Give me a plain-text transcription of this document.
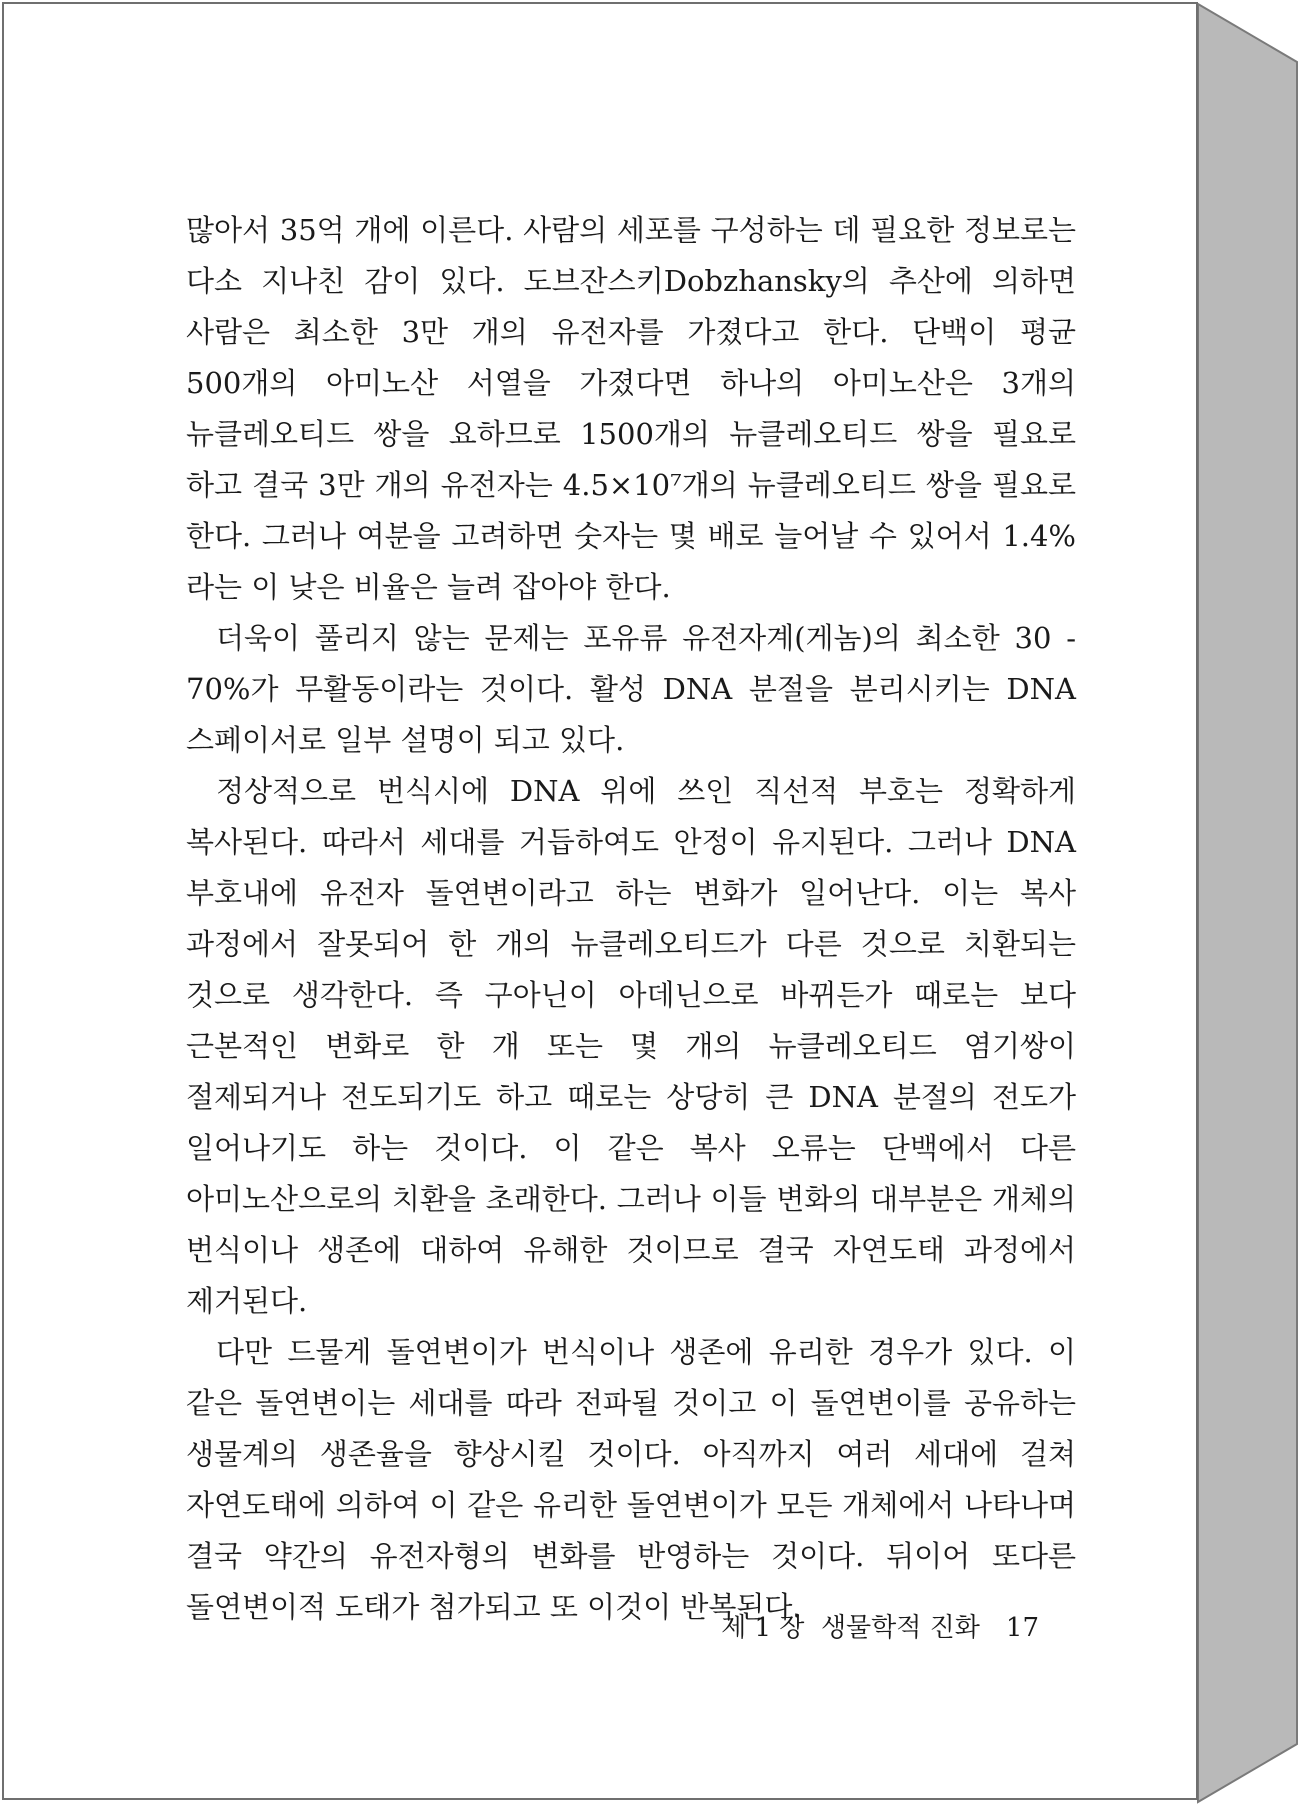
많아서 35억 개에 이른다. 사람의 세포를 구성하는 데 필요한 정보로는 다소 지나친 감이 있다. 도브잔스키Dobzhansky의 추산에 의하면 사람은 최소한 3만 개의 유전자를 가졌다고 한다. 단백이 평균 500개의 아미노산 서열을 가졌다면 하나의 아미노산은 3개의 뉴클레오티드 쌍을 요하므로 1500개의 뉴클레오티드 쌍을 필요로 하고 결국 3만 개의 유전자는 4.5×10⁷개의 뉴클레오티드 쌍을 필요로 한다. 그러나 여분을 고려하면 숫자는 몇 배로 늘어날 수 있어서 1.4%라는 이 낮은 비율은 늘려 잡아야 한다.

더욱이 풀리지 않는 문제는 포유류 유전자계(게놈)의 최소한 30 - 70%가 무활동이라는 것이다. 활성 DNA 분절을 분리시키는 DNA 스페이서로 일부 설명이 되고 있다.

정상적으로 번식시에 DNA 위에 쓰인 직선적 부호는 정확하게 복사된다. 따라서 세대를 거듭하여도 안정이 유지된다. 그러나 DNA 부호내에 유전자 돌연변이라고 하는 변화가 일어난다. 이는 복사 과정에서 잘못되어 한 개의 뉴클레오티드가 다른 것으로 치환되는 것으로 생각한다. 즉 구아닌이 아데닌으로 바뀌든가 때로는 보다 근본적인 변화로 한 개 또는 몇 개의 뉴클레오티드 염기쌍이 절제되거나 전도되기도 하고 때로는 상당히 큰 DNA 분절의 전도가 일어나기도 하는 것이다. 이 같은 복사 오류는 단백에서 다른 아미노산으로의 치환을 초래한다. 그러나 이들 변화의 대부분은 개체의 번식이나 생존에 대하여 유해한 것이므로 결국 자연도태 과정에서 제거된다.

다만 드물게 돌연변이가 번식이나 생존에 유리한 경우가 있다. 이 같은 돌연변이는 세대를 따라 전파될 것이고 이 돌연변이를 공유하는 생물계의 생존율을 향상시킬 것이다. 아직까지 여러 세대에 걸쳐 자연도태에 의하여 이 같은 유리한 돌연변이가 모든 개체에서 나타나며 결국 약간의 유전자형의 변화를 반영하는 것이다. 뒤이어 또다른 돌연변이적 도태가 첨가되고 또 이것이 반복된다.

제 1 장  생물학적 진화 17
